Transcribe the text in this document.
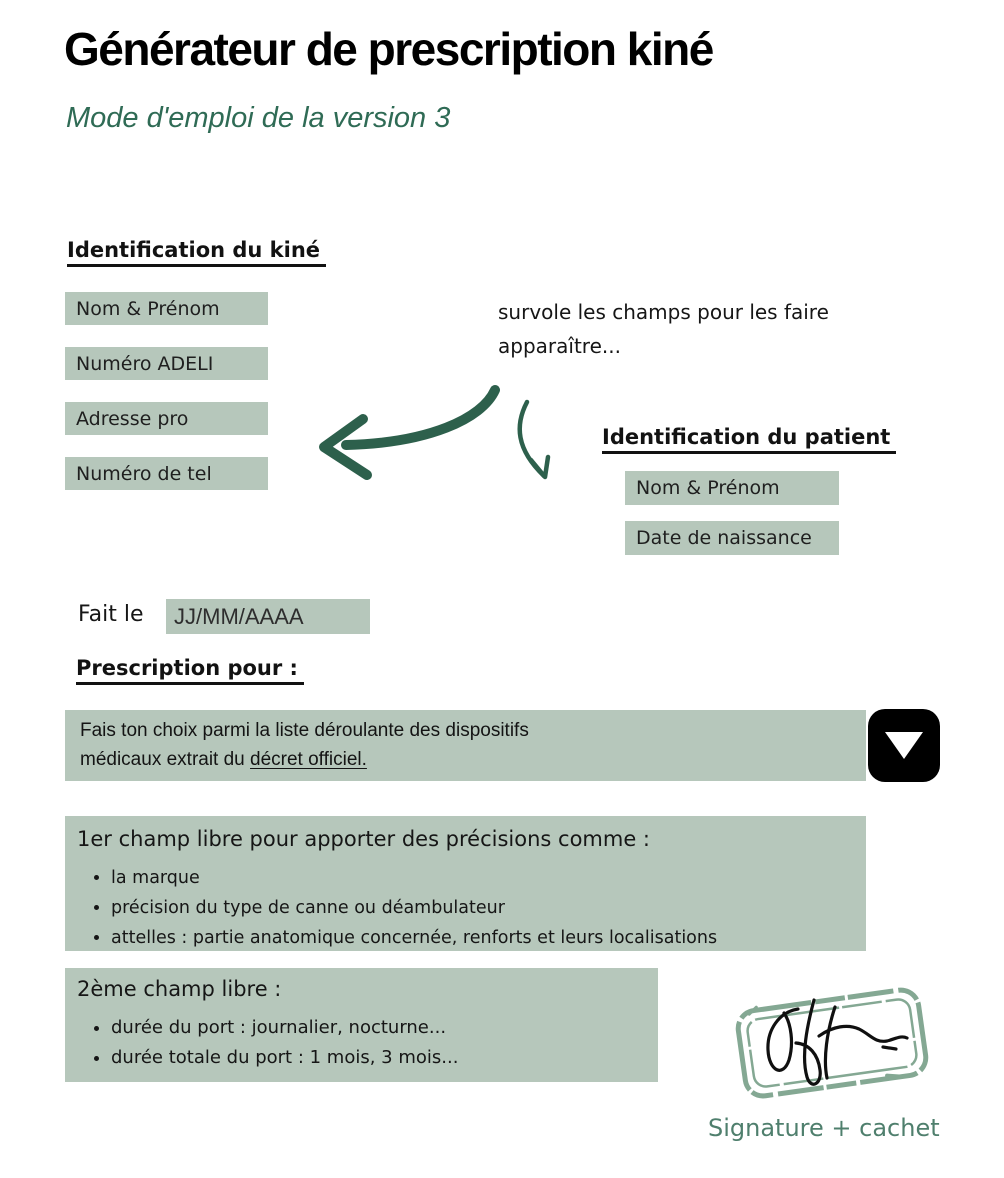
Générateur de prescription kiné
Mode d'emploi de la version 3
Identification du kiné
Nom & Prénom
Numéro ADELI
Adresse pro
Numéro de tel
survole les champs pour les faire apparaître...
Identification du patient
Nom & Prénom
Date de naissance
Fait le JJ/MM/AAAA
Prescription pour :
Fais ton choix parmi la liste déroulante des dispositifs
médicaux extrait du décret officiel.
1er champ libre pour apporter des précisions comme :
• la marque
• précision du type de canne ou déambulateur
• attelles : partie anatomique concernée, renforts et leurs localisations
2ème champ libre :
• durée du port : journalier, nocturne...
• durée totale du port : 1 mois, 3 mois...
Signature + cachet
